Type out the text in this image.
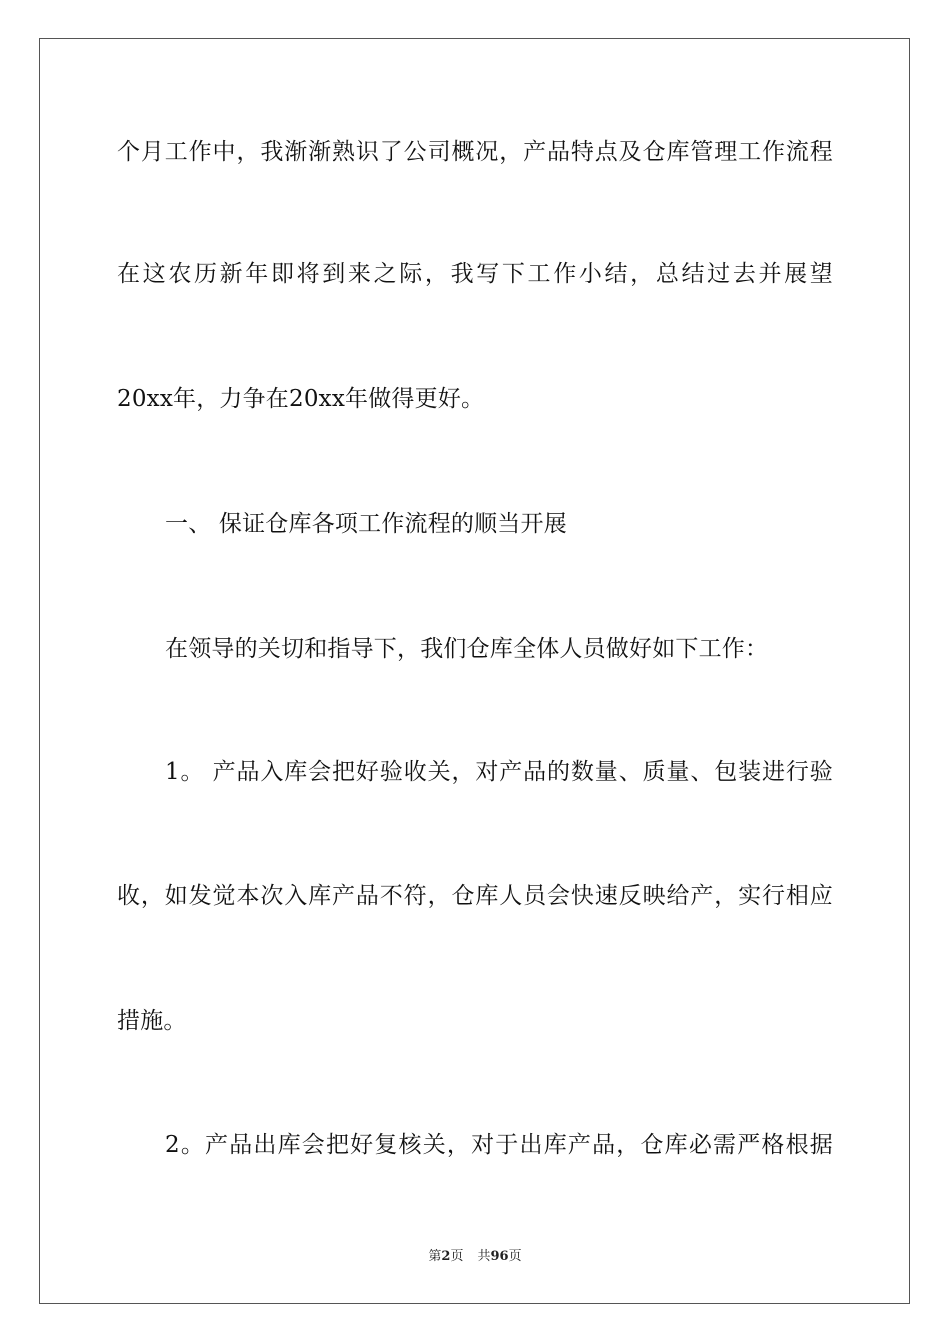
个月工作中，我渐渐熟识了公司概况，产品特点及仓库管理工作流程
在这农历新年即将到来之际，我写下工作小结，总结过去并展望
20xx年，力争在20xx年做得更好。
一、 保证仓库各项工作流程的顺当开展
在领导的关切和指导下，我们仓库全体人员做好如下工作：
1。 产品入库会把好验收关，对产品的数量、质量、包装进行验
收，如发觉本次入库产品不符，仓库人员会快速反映给产，实行相应
措施。
2。产品出库会把好复核关，对于出库产品，仓库必需严格根据
第2页 共96页
